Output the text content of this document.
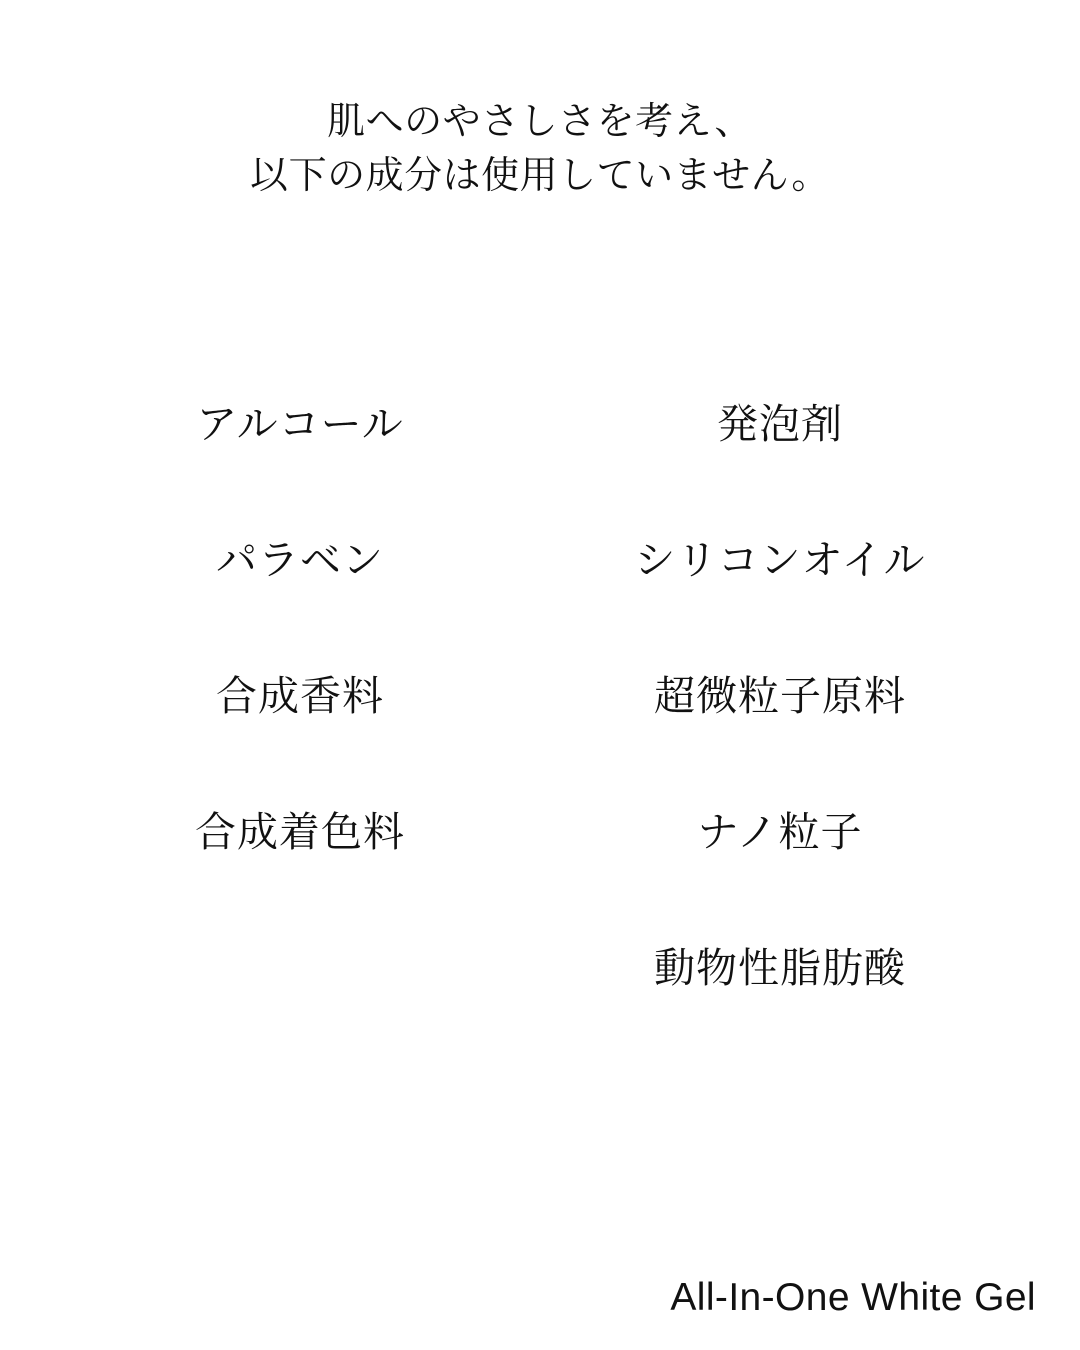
肌へのやさしさを考え、
以下の成分は使用していません。
アルコール
パラベン
合成香料
合成着色料
発泡剤
シリコンオイル
超微粒子原料
ナノ粒子
動物性脂肪酸
All-In-One White Gel
